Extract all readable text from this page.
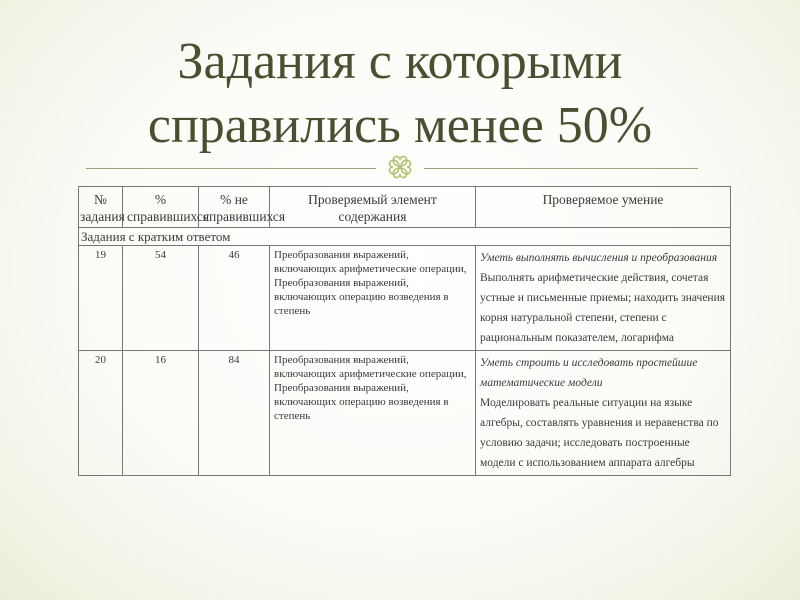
Задания с которыми
справились менее 50%
№ задания	% справившихся	% не справившихся	Проверяемый элемент содержания	Проверяемое умение
Задания с кратким ответом				
19	54	46	Преобразования выражений, включающих арифметические операции, Преобразования выражений, включающих операцию возведения в степень	Уметь выполнять вычисления и преобразования
Выполнять арифметические действия, сочетая устные и письменные приемы; находить значения корня натуральной степени, степени с рациональным показателем, логарифма

20	16	84	Преобразования выражений, включающих арифметические операции, Преобразования выражений, включающих операцию возведения в степень	Уметь строить и исследовать простейшие математические модели
Моделировать реальные ситуации на языке алгебры, составлять уравнения и неравенства по условию задачи; исследовать построенные модели с использованием аппарата алгебры
